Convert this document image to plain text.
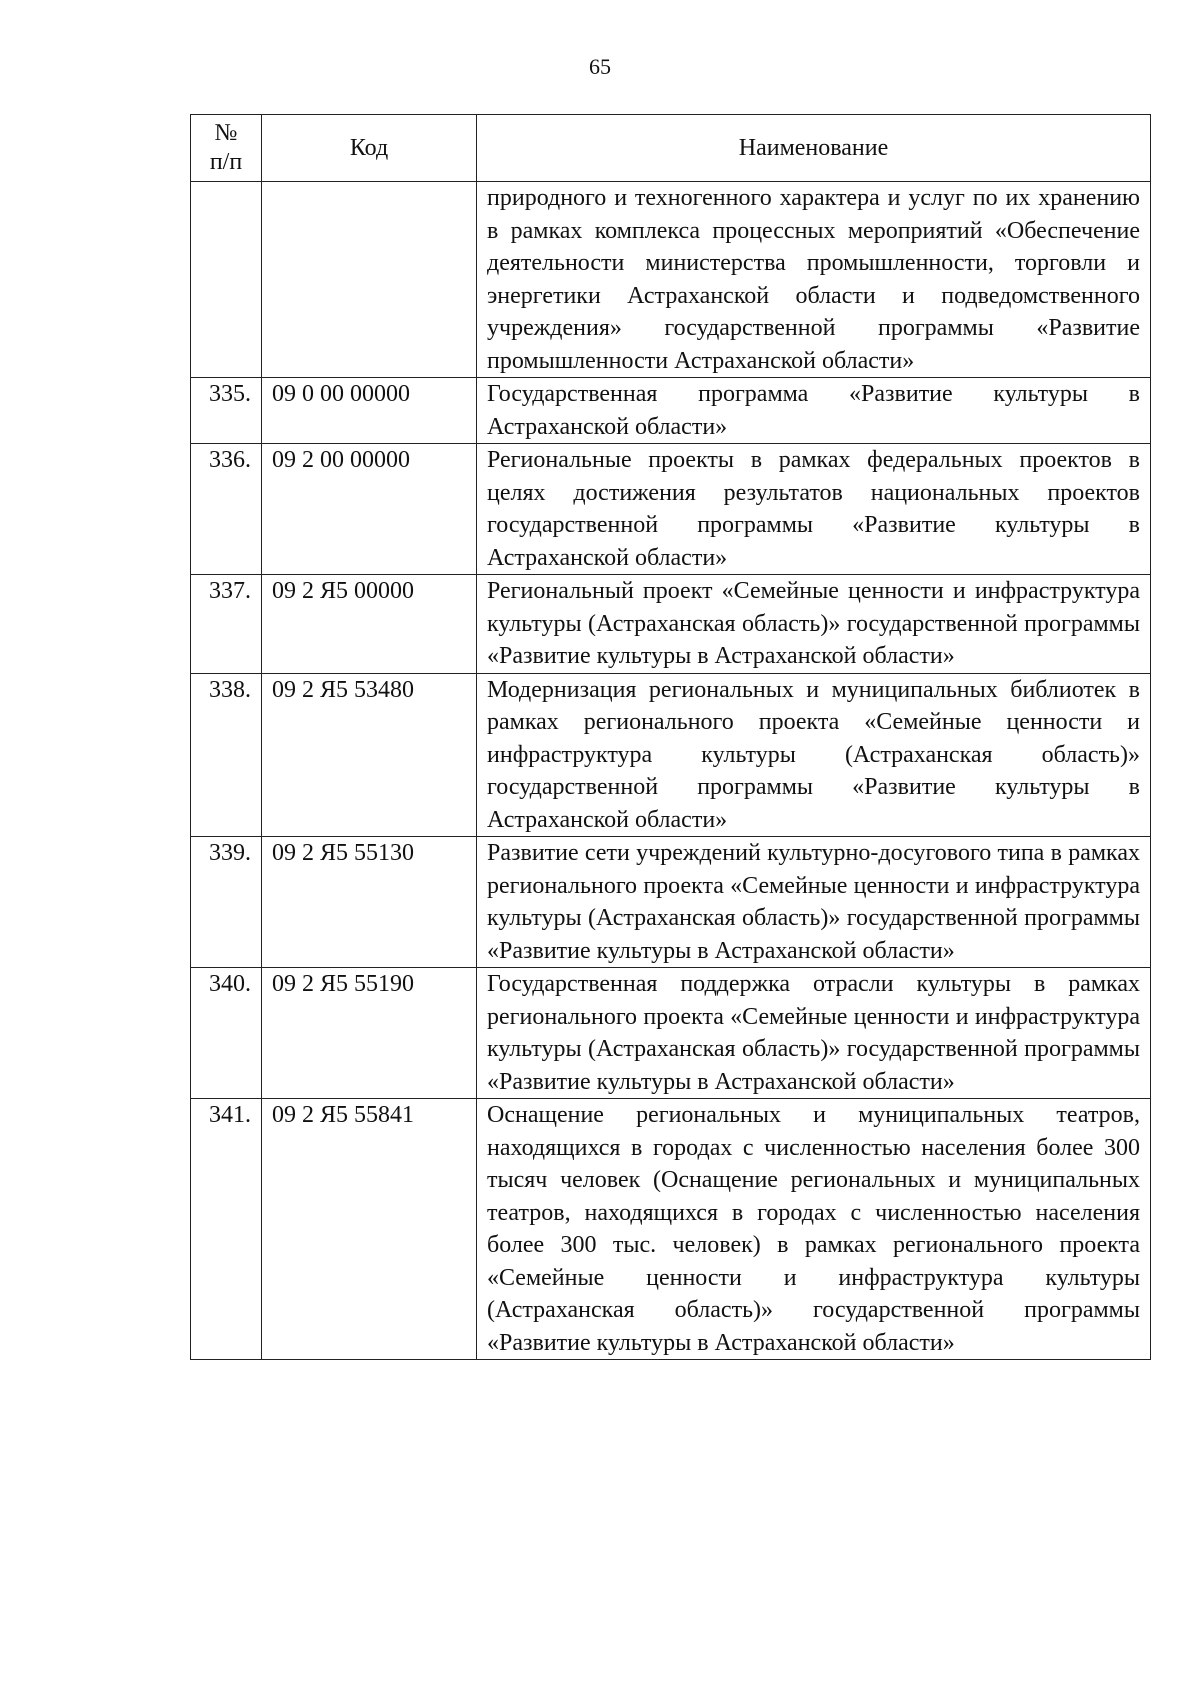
65
№
п/п	Код	Наименование
		природного и техногенного характера и услуг по их хранению в рамках комплекса процессных мероприятий «Обеспечение деятельности министерства промышленности, торговли и энергетики Астраханской области и подведомственного учреждения» государственной программы «Развитие промышленности Астраханской области»
335.	09 0 00 00000	Государственная программа «Развитие культуры в Астраханской области»
336.	09 2 00 00000	Региональные проекты в рамках федеральных проектов в целях достижения результатов национальных проектов государственной программы «Развитие культуры в Астраханской области»
337.	09 2 Я5 00000	Региональный проект «Семейные ценности и инфраструктура культуры (Астраханская область)» государственной программы «Развитие культуры в Астраханской области»
338.	09 2 Я5 53480	Модернизация региональных и муниципальных библиотек в рамках регионального проекта «Семейные ценности и инфраструктура культуры (Астраханская область)» государственной программы «Развитие культуры в Астраханской области»
339.	09 2 Я5 55130	Развитие сети учреждений культурно-досугового типа в рамках регионального проекта «Семейные ценности и инфраструктура культуры (Астраханская область)» государственной программы «Развитие культуры в Астраханской области»
340.	09 2 Я5 55190	Государственная поддержка отрасли культуры в рамках регионального проекта «Семейные ценности и инфраструктура культуры (Астраханская область)» государственной программы «Развитие культуры в Астраханской области»
341.	09 2 Я5 55841	Оснащение региональных и муниципальных театров, находящихся в городах с численностью населения более 300 тысяч человек (Оснащение региональных и муниципальных театров, находящихся в городах с численностью населения более 300 тыс. человек) в рамках регионального проекта «Семейные ценности и инфраструктура культуры (Астраханская область)» государственной программы «Развитие культуры в Астраханской области»
